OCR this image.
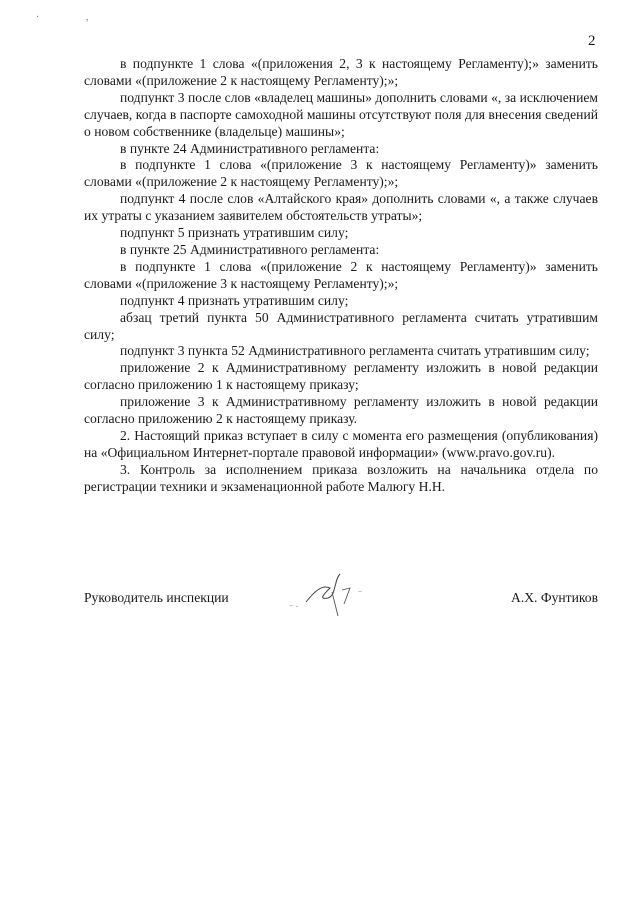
· ,
2

в подпункте 1 слова «(приложения 2, 3 к настоящему Регламенту);» заменить словами «(приложение 2 к настоящему Регламенту);»;

подпункт 3 после слов «владелец машины» дополнить словами «, за исключением случаев, когда в паспорте самоходной машины отсутствуют поля для внесения сведений о новом собственнике (владельце) машины»;

в пункте 24 Административного регламента:

в подпункте 1 слова «(приложение 3 к настоящему Регламенту)» заменить словами «(приложение 2 к настоящему Регламенту);»;

подпункт 4 после слов «Алтайского края» дополнить словами «, а также случаев их утраты с указанием заявителем обстоятельств утраты»;

подпункт 5 признать утратившим силу;

в пункте 25 Административного регламента:

в подпункте 1 слова «(приложение 2 к настоящему Регламенту)» заменить словами «(приложение 3 к настоящему Регламенту);»;

подпункт 4 признать утратившим силу;

абзац третий пункта 50 Административного регламента считать утратившим силу;

подпункт 3 пункта 52 Административного регламента считать утратившим силу;

приложение 2 к Административному регламенту изложить в новой редакции согласно приложению 1 к настоящему приказу;

приложение 3 к Административному регламенту изложить в новой редакции согласно приложению 2 к настоящему приказу.

2. Настоящий приказ вступает в силу с момента его размещения (опубликования) на «Официальном Интернет-портале правовой информации» (www.pravo.gov.ru).

3. Контроль за исполнением приказа возложить на начальника отдела по регистрации техники и экзаменационной работе Малюгу Н.Н.

Руководитель инспекции	А.Х. Фунтиков
